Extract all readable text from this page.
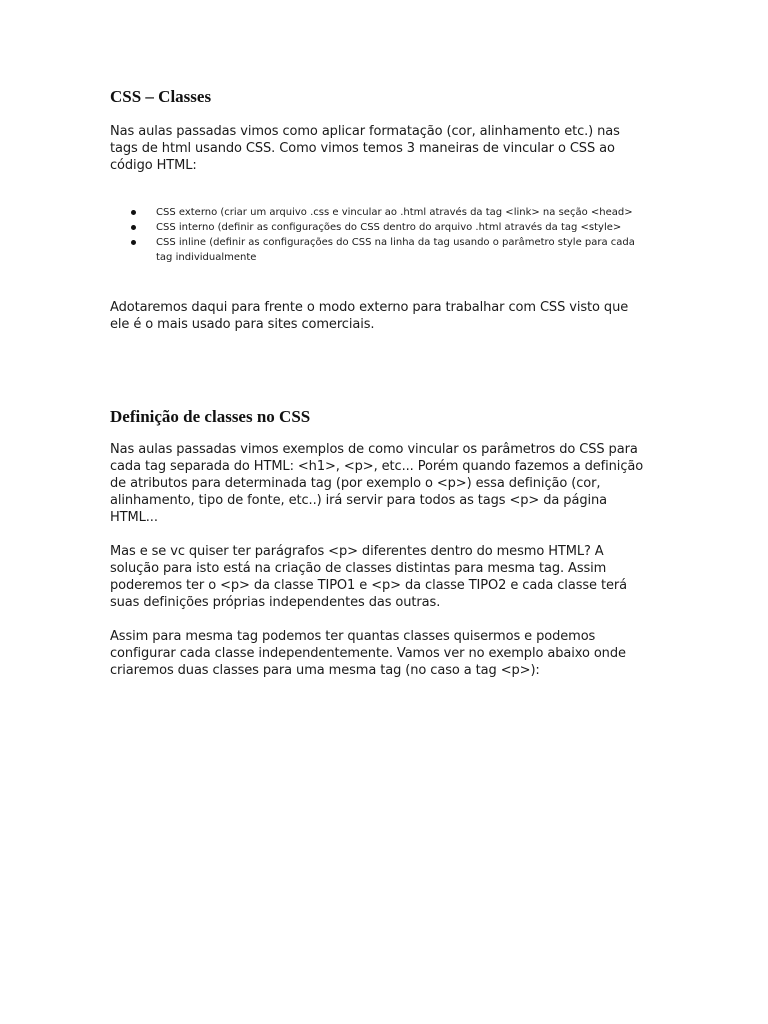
CSS – Classes

Nas aulas passadas vimos como aplicar formatação (cor, alinhamento etc.) nas tags de html usando CSS. Como vimos temos 3 maneiras de vincular o CSS ao código HTML:

CSS externo (criar um arquivo .css e vincular ao .html através da tag <link> na seção <head>
CSS interno (definir as configurações do CSS dentro do arquivo .html através da tag <style>
CSS inline (definir as configurações do CSS na linha da tag usando o parâmetro style para cada tag individualmente

Adotaremos daqui para frente o modo externo para trabalhar com CSS visto que ele é o mais usado para sites comerciais.

Definição de classes no CSS

Nas aulas passadas vimos exemplos de como vincular os parâmetros do CSS para cada tag separada do HTML: <h1>, <p>, etc... Porém quando fazemos a definição de atributos para determinada tag (por exemplo o <p>) essa definição (cor, alinhamento, tipo de fonte, etc..) irá servir para todos as tags <p> da página HTML...

Mas e se vc quiser ter parágrafos <p> diferentes dentro do mesmo HTML? A solução para isto está na criação de classes distintas para mesma tag. Assim poderemos ter o <p> da classe TIPO1 e <p> da classe TIPO2 e cada classe terá suas definições próprias independentes das outras.

Assim para mesma tag podemos ter quantas classes quisermos e podemos configurar cada classe independentemente. Vamos ver no exemplo abaixo onde criaremos duas classes para uma mesma tag (no caso a tag <p>):
